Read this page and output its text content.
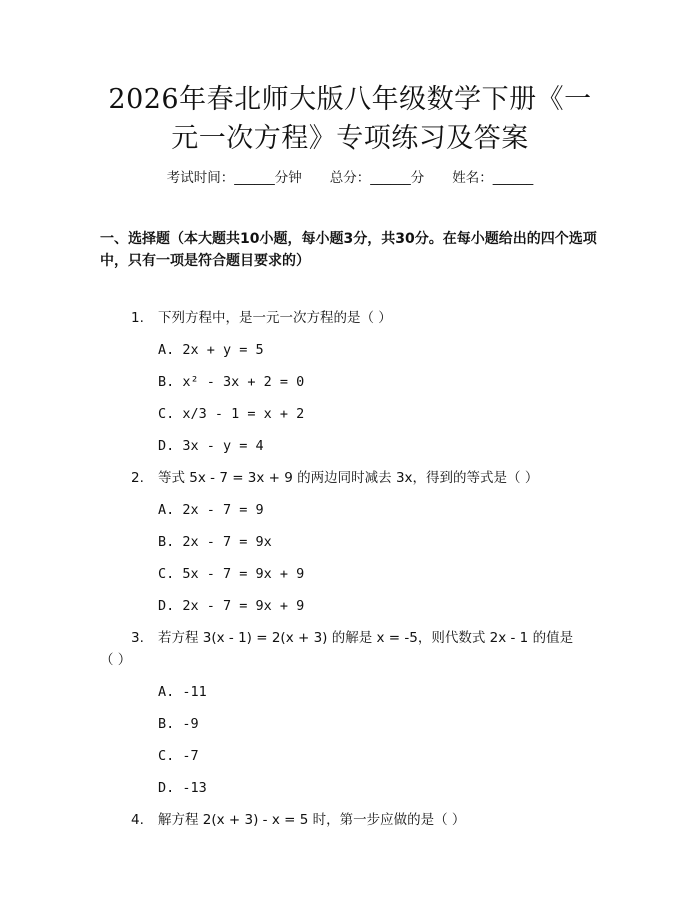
2026年春北师大版八年级数学下册《一元一次方程》专项练习及答案
考试时间：______分钟 总分：______分 姓名：______

一、选择题（本大题共10小题，每小题3分，共30分。在每小题给出的四个选项中，只有一项是符合题目要求的）

1. 下列方程中，是一元一次方程的是（ ）
A. 2x + y = 5
B. x² - 3x + 2 = 0
C. x/3 - 1 = x + 2
D. 3x - y = 4
2. 等式 5x - 7 = 3x + 9 的两边同时减去 3x，得到的等式是（ ）
A. 2x - 7 = 9
B. 2x - 7 = 9x
C. 5x - 7 = 9x + 9
D. 2x - 7 = 9x + 9
3. 若方程 3(x - 1) = 2(x + 3) 的解是 x = -5，则代数式 2x - 1 的值是
（ ）
A. -11
B. -9
C. -7
D. -13
4. 解方程 2(x + 3) - x = 5 时，第一步应做的是（ ）
